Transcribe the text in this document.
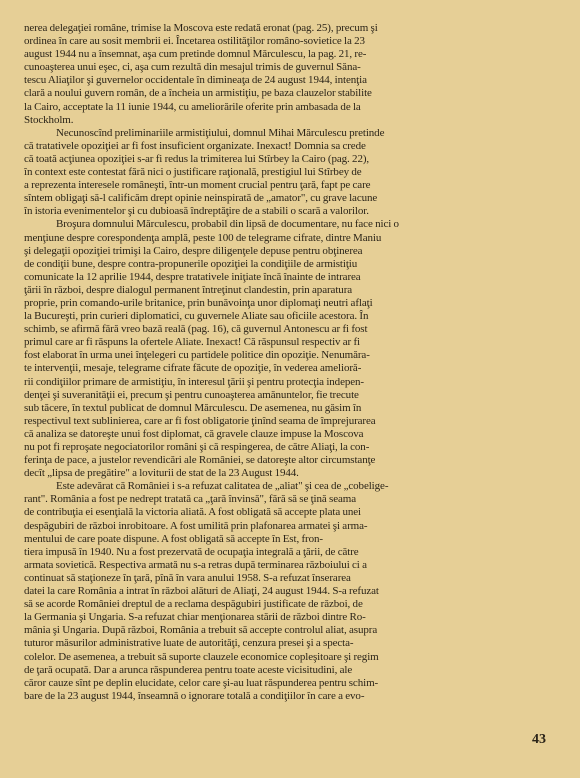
nerea delegaţiei române, trimise la Moscova este redată eronat (pag. 25), precum şi
ordinea în care au sosit membrii ei. Încetarea ostilităţilor româno-sovietice la 23
august 1944 nu a însemnat, aşa cum pretinde domnul Mărculescu, la pag. 21, re-
cunoaşterea unui eşec, ci, aşa cum rezultă din mesajul trimis de guvernul Săna-
tescu Aliaţilor şi guvernelor occidentale în dimineaţa de 24 august 1944, intenţia
clară a noului guvern român, de a încheia un armistiţiu, pe baza clauzelor stabilite
la Cairo, acceptate la 11 iunie 1944, cu ameliorările oferite prin ambasada de la
Stockholm.
Necunoscînd preliminariile armistiţiului, domnul Mihai Mărculescu pretinde
că tratativele opoziţiei ar fi fost insuficient organizate. Inexact! Domnia sa crede
că toată acţiunea opoziţiei s-ar fi redus la trimiterea lui Stîrbey la Cairo (pag. 22),
în context este contestat fără nici o justificare raţională, prestigiul lui Stîrbey de
a reprezenta interesele româneşti, într-un moment crucial pentru ţară, fapt pe care
sîntem obligaţi să-l calificăm drept opinie neinspirată de „amator", cu grave lacune
în istoria evenimentelor şi cu dubioasă îndreptăţire de a stabili o scară a valorilor.
Broşura domnului Mărculescu, probabil din lipsă de documentare, nu face nici o
menţiune despre corespondenţa amplă, peste 100 de telegrame cifrate, dintre Maniu
şi delegaţii opoziţiei trimişi la Cairo, despre diligenţele depuse pentru obţinerea
de condiţii bune, despre contra-propunerile opoziţiei la condiţiile de armistiţiu
comunicate la 12 aprilie 1944, despre tratativele iniţiate încă înainte de intrarea
ţării în război, despre dialogul permanent întreţinut clandestin, prin aparatura
proprie, prin comando-urile britanice, prin bunăvoinţa unor diplomaţi neutri aflaţi
la Bucureşti, prin curieri diplomatici, cu guvernele Aliate sau oficiile acestora. În
schimb, se afirmă fără vreo bază reală (pag. 16), că guvernul Antonescu ar fi fost
primul care ar fi răspuns la ofertele Aliate. Inexact! Că răspunsul respectiv ar fi
fost elaborat în urma unei înţelegeri cu partidele politice din opoziţie. Nenumăra-
te intervenţii, mesaje, telegrame cifrate făcute de opoziţie, în vederea amelioră-
rii condiţiilor primare de armistiţiu, în interesul ţării şi pentru protecţia indepen-
denţei şi suveranităţii ei, precum şi pentru cunoaşterea amănuntelor, fie trecute
sub tăcere, în textul publicat de domnul Mărculescu. De asemenea, nu găsim în
respectivul text sublinierea, care ar fi fost obligatorie ţinînd seama de împrejurarea
că analiza se datoreşte unui fost diplomat, că gravele clauze impuse la Moscova
nu pot fi reproşate negociatorilor români şi că respingerea, de către Aliaţi, la con-
ferinţa de pace, a justelor revendicări ale României, se datoreşte altor circumstanţe
decît „lipsa de pregătire" a loviturii de stat de la 23 August 1944.
Este adevărat că României i s-a refuzat calitatea de „aliat" şi cea de „cobelige-
rant". România a fost pe nedrept tratată ca „ţară învinsă", fără să se ţină seama
de contribuţia ei esenţială la victoria aliată. A fost obligată să accepte plata unei
despăgubiri de război inrobitoare. A fost umilită prin plafonarea armatei şi arma-
mentului de care poate dispune. A fost obligată să accepte în Est, fron-
tiera impusă în 1940. Nu a fost prezervată de ocupaţia integrală a ţării, de către
armata sovietică. Respectiva armată nu s-a retras după terminarea războiului ci a
continuat să staţioneze în ţară, pînă în vara anului 1958. S-a refuzat înserarea
datei la care România a intrat în război alături de Aliaţi, 24 august 1944. S-a refuzat
să se acorde României dreptul de a reclama despăgubiri justificate de război, de
la Germania şi Ungaria. S-a refuzat chiar menţionarea stării de război dintre Ro-
mânia şi Ungaria. După război, România a trebuit să accepte controlul aliat, asupra
tuturor măsurilor administrative luate de autorităţi, cenzura presei şi a specta-
colelor. De asemenea, a trebuit să suporte clauzele economice copleşitoare şi regim
de ţară ocupată. Dar a arunca răspunderea pentru toate aceste vicisitudini, ale
căror cauze sînt pe deplin elucidate, celor care şi-au luat răspunderea pentru schim-
bare de la 23 august 1944, înseamnă o ignorare totală a condiţiilor în care a evo-
43
